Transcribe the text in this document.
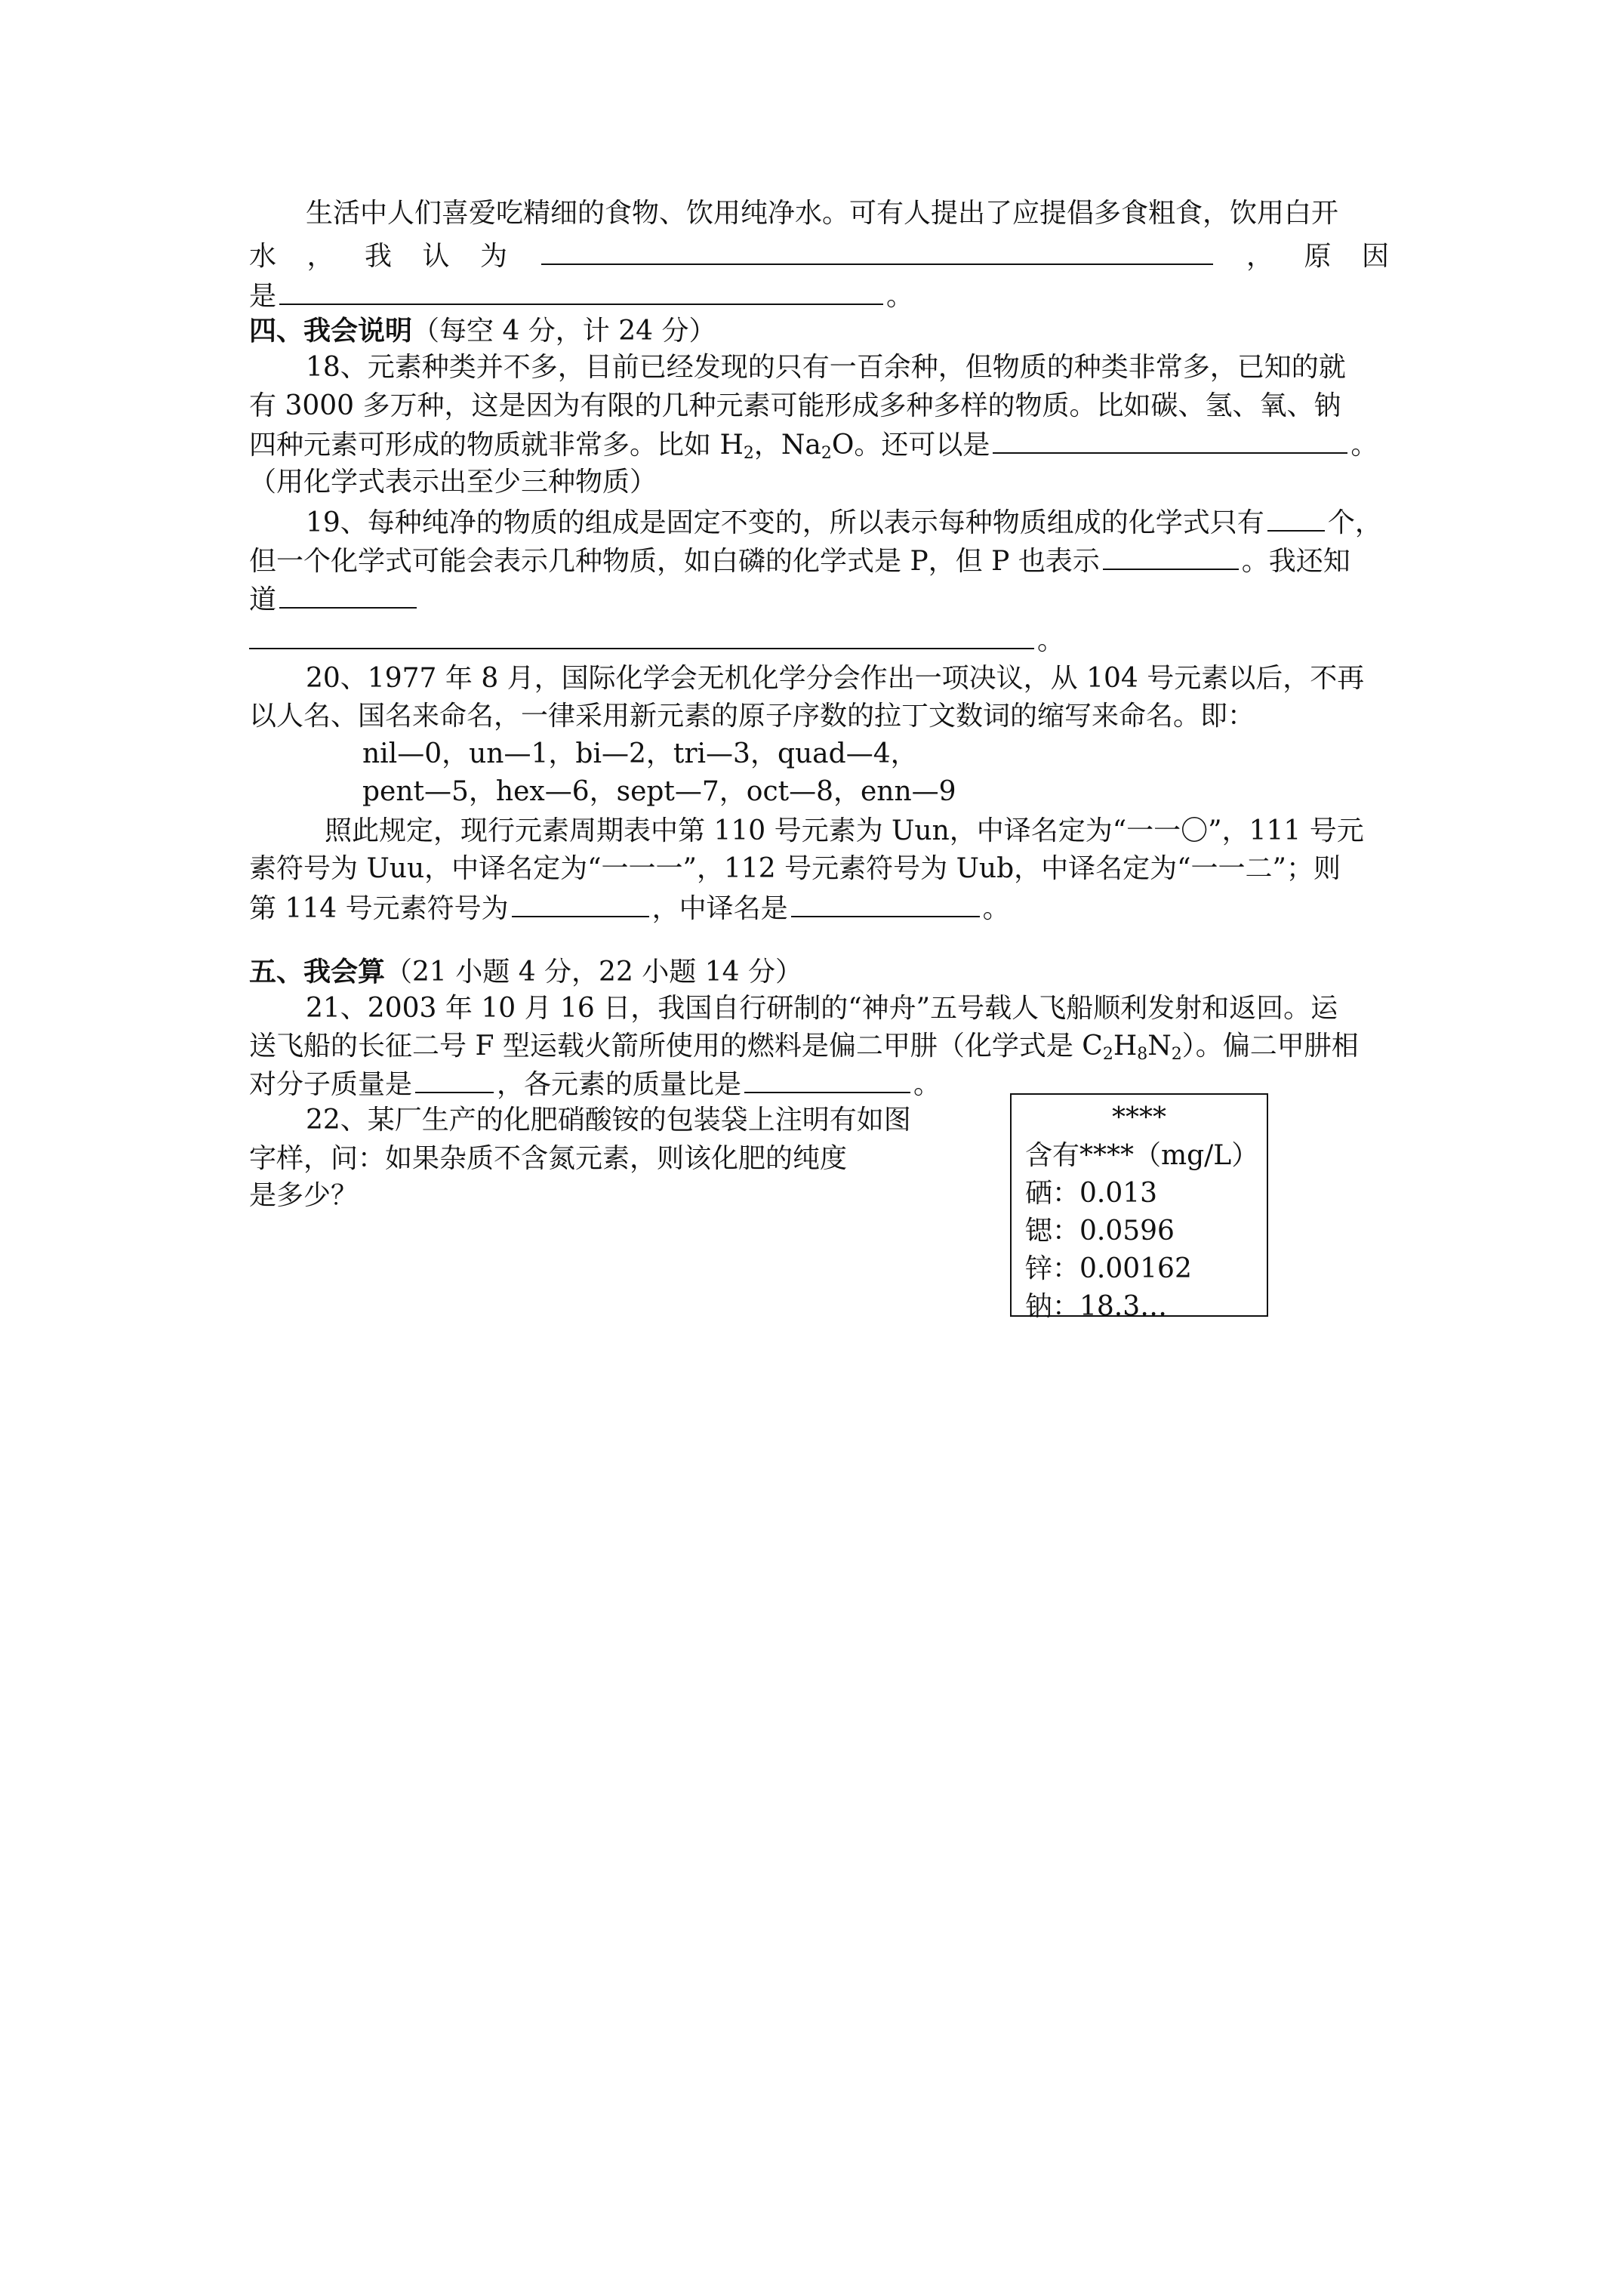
生活中人们喜爱吃精细的食物、饮用纯净水。可有人提出了应提倡多食粗食，饮用白开
水 ， 我 认 为	， 原 因
是	。
四、我会说明（每空 4 分，计 24 分）
18、元素种类并不多，目前已经发现的只有一百余种，但物质的种类非常多，已知的就
有 3000 多万种，这是因为有限的几种元素可能形成多种多样的物质。比如碳、氢、氧、钠
四种元素可形成的物质就非常多。比如 $H_2$，$Na_2O$。还可以是	。
（用化学式表示出至少三种物质）
19、每种纯净的物质的组成是固定不变的，所以表示每种物质组成的化学式只有 个，
但一个化学式可能会表示几种物质，如白磷的化学式是 P，但 P 也表示	。我还知
道
。
20、1977 年 8 月，国际化学会无机化学分会作出一项决议，从 104 号元素以后，不再
以人名、国名来命名，一律采用新元素的原子序数的拉丁文数词的缩写来命名。即：
nil—0，un—1，bi—2，tri—3，quad—4，
pent—5，hex—6，sept—7，oct—8，enn—9
照此规定，现行元素周期表中第 110 号元素为 Uun，中译名定为“一一〇”，111 号元
素符号为 Uuu，中译名定为“一一一”，112 号元素符号为 Uub，中译名定为“一一二”；则
第 114 号元素符号为	，中译名是	。
五、我会算（21 小题 4 分，22 小题 14 分）
21、2003 年 10 月 16 日，我国自行研制的“神舟”五号载人飞船顺利发射和返回。运
送飞船的长征二号 F 型运载火箭所使用的燃料是偏二甲肼（化学式是 $C_2H_8N_2$）。偏二甲肼相
对分子质量是	，各元素的质量比是	。
22、某厂生产的化肥硝酸铵的包装袋上注明有如图
字样，问：如果杂质不含氮元素，则该化肥的纯度
是多少？
****
含有****（mg/L）
硒：0.013
锶：0.0596
锌：0.00162
钠：18.3…
